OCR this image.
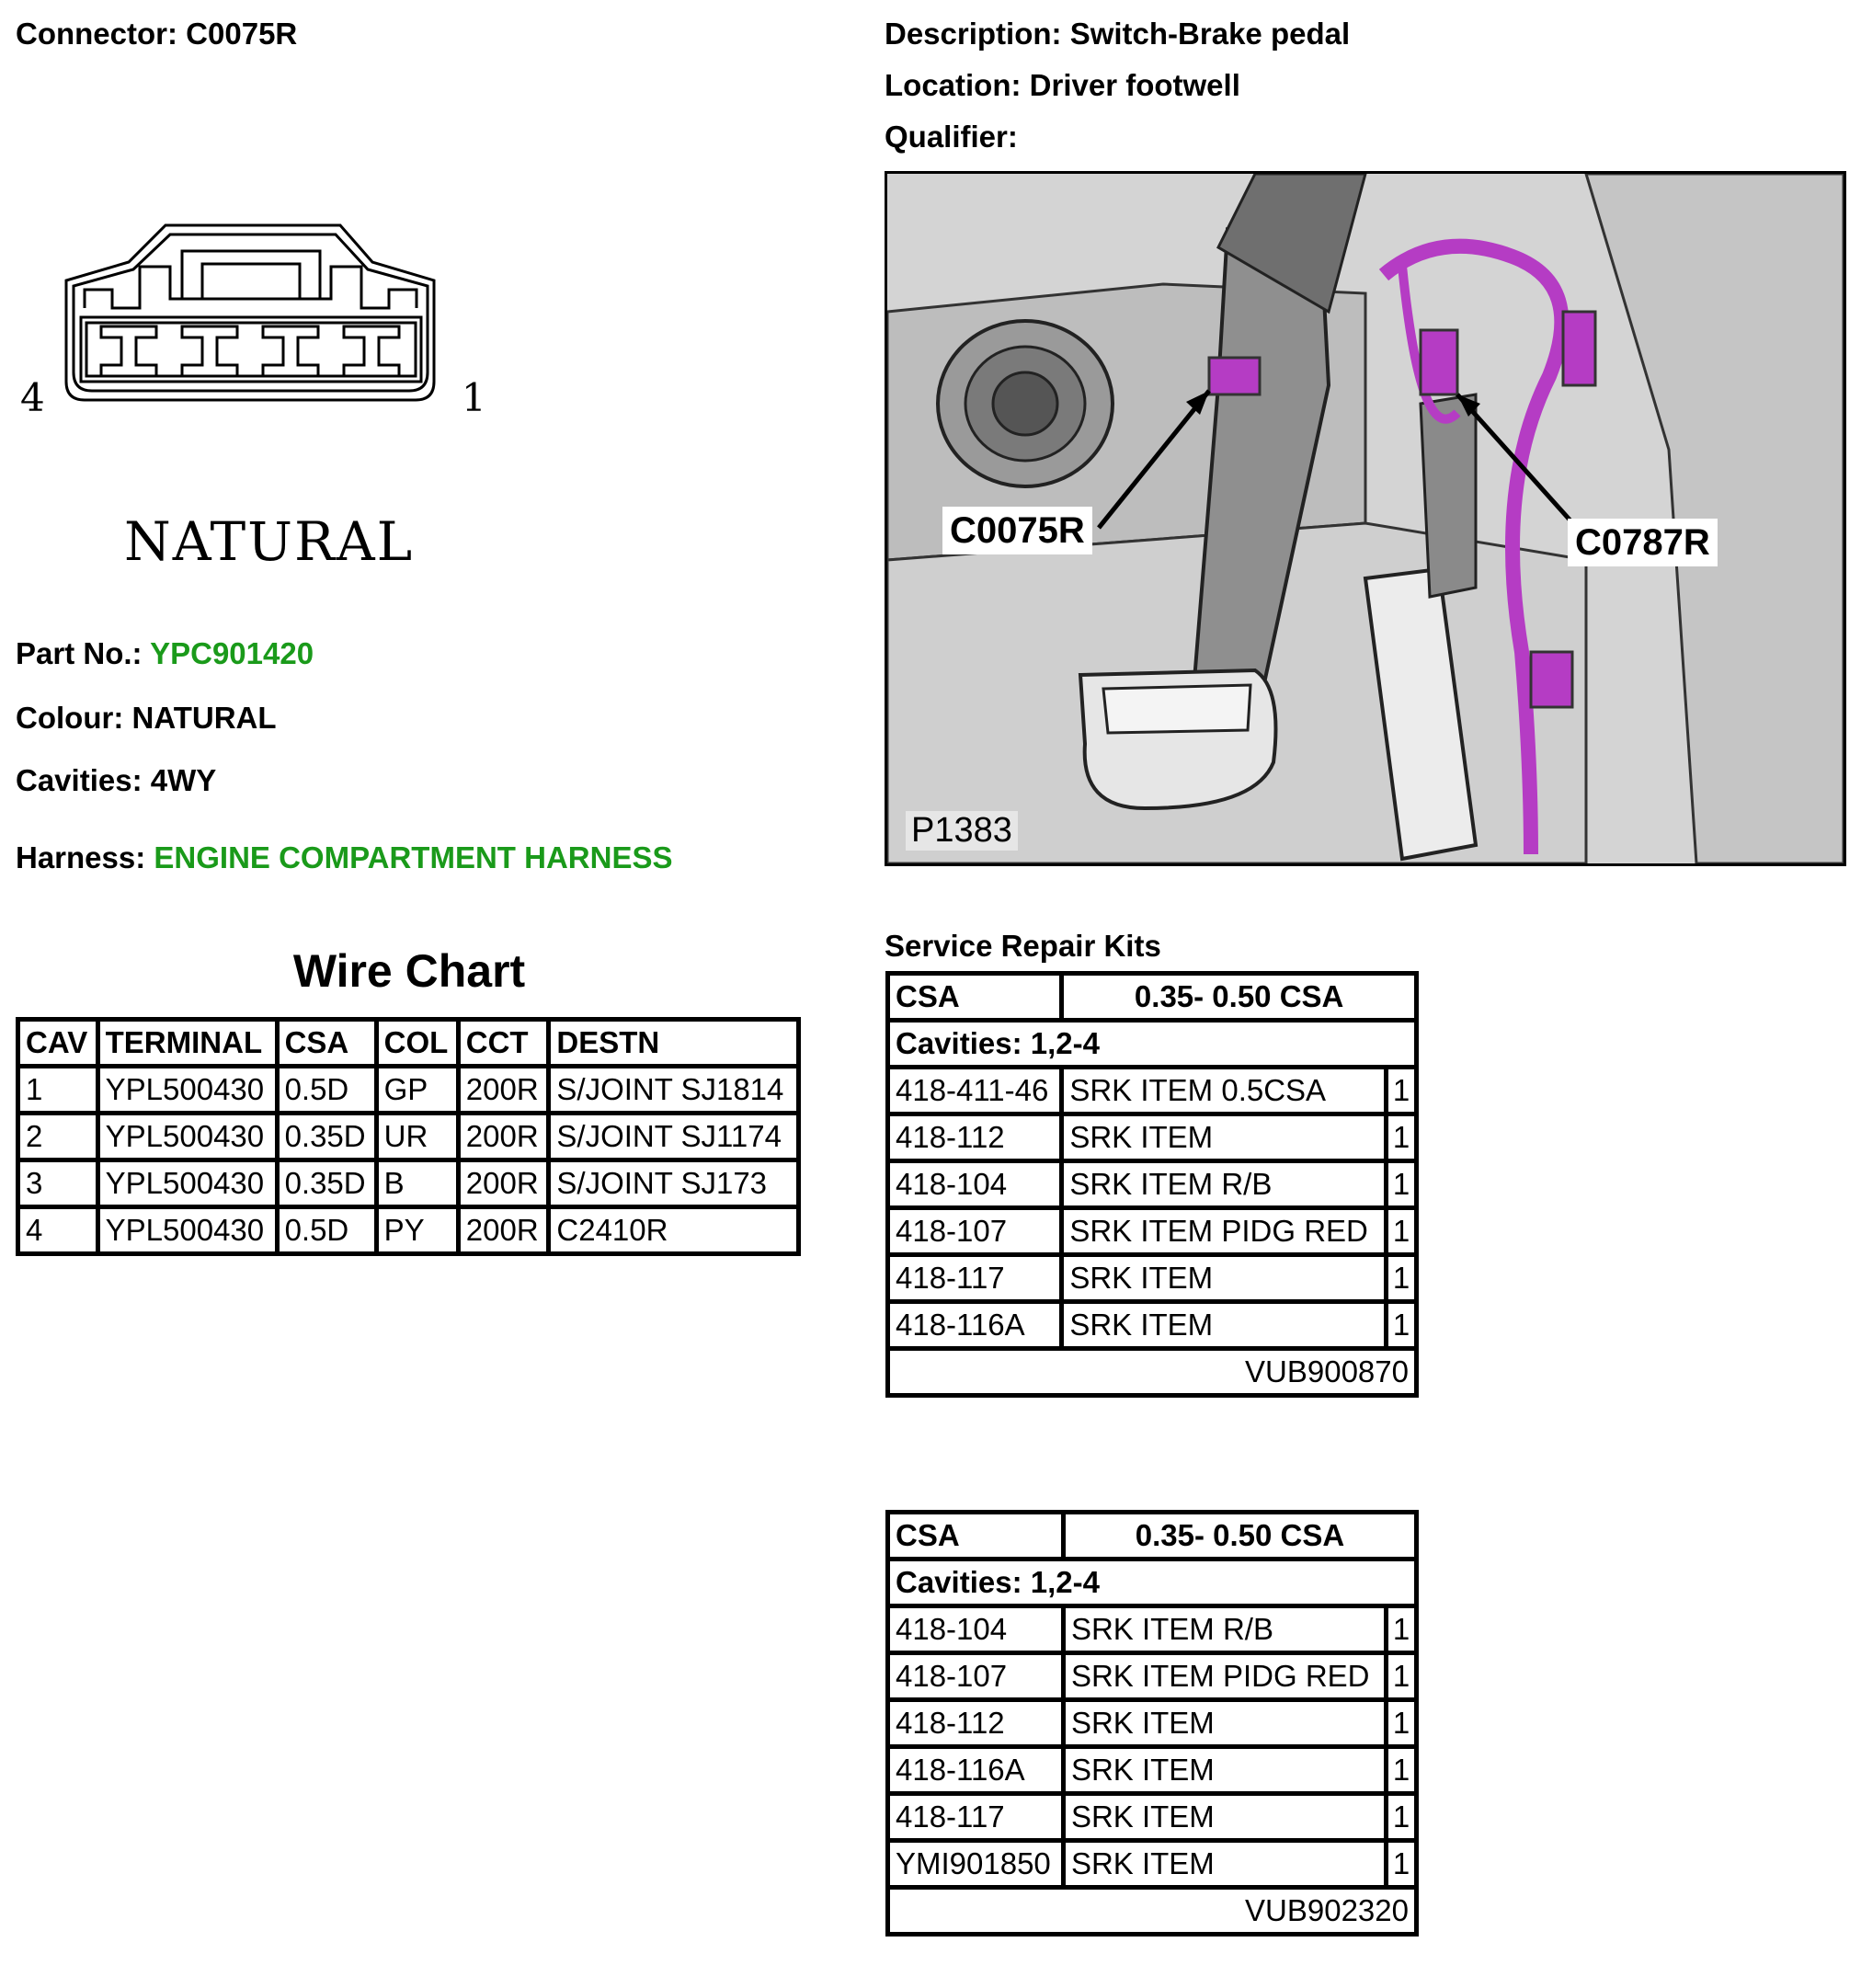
Connector: C0075R	Description: Switch-Brake pedal
Location: Driver footwell
Qualifier:
4	1
NATURAL
Part No.: YPC901420
Colour: NATURAL
Cavities: 4WY
Harness: ENGINE COMPARTMENT HARNESS
C0075R	C0787R
P1383
Wire Chart
CAV	TERMINAL	CSA	COL	CCT	DESTN
1	YPL500430	0.5D	GP	200R	S/JOINT SJ1814
2	YPL500430	0.35D	UR	200R	S/JOINT SJ1174
3	YPL500430	0.35D	B	200R	S/JOINT SJ173
4	YPL500430	0.5D	PY	200R	C2410R
Service Repair Kits
CSA	0.35- 0.50 CSA	
Cavities: 1,2-4		
418-411-46	SRK ITEM 0.5CSA	1
418-112	SRK ITEM	1
418-104	SRK ITEM R/B	1
418-107	SRK ITEM PIDG RED	1
418-117	SRK ITEM	1
418-116A	SRK ITEM	1
VUB900870		
CSA	0.35- 0.50 CSA	
Cavities: 1,2-4		
418-104	SRK ITEM R/B	1
418-107	SRK ITEM PIDG RED	1
418-112	SRK ITEM	1
418-116A	SRK ITEM	1
418-117	SRK ITEM	1
YMI901850	SRK ITEM	1
VUB902320		
